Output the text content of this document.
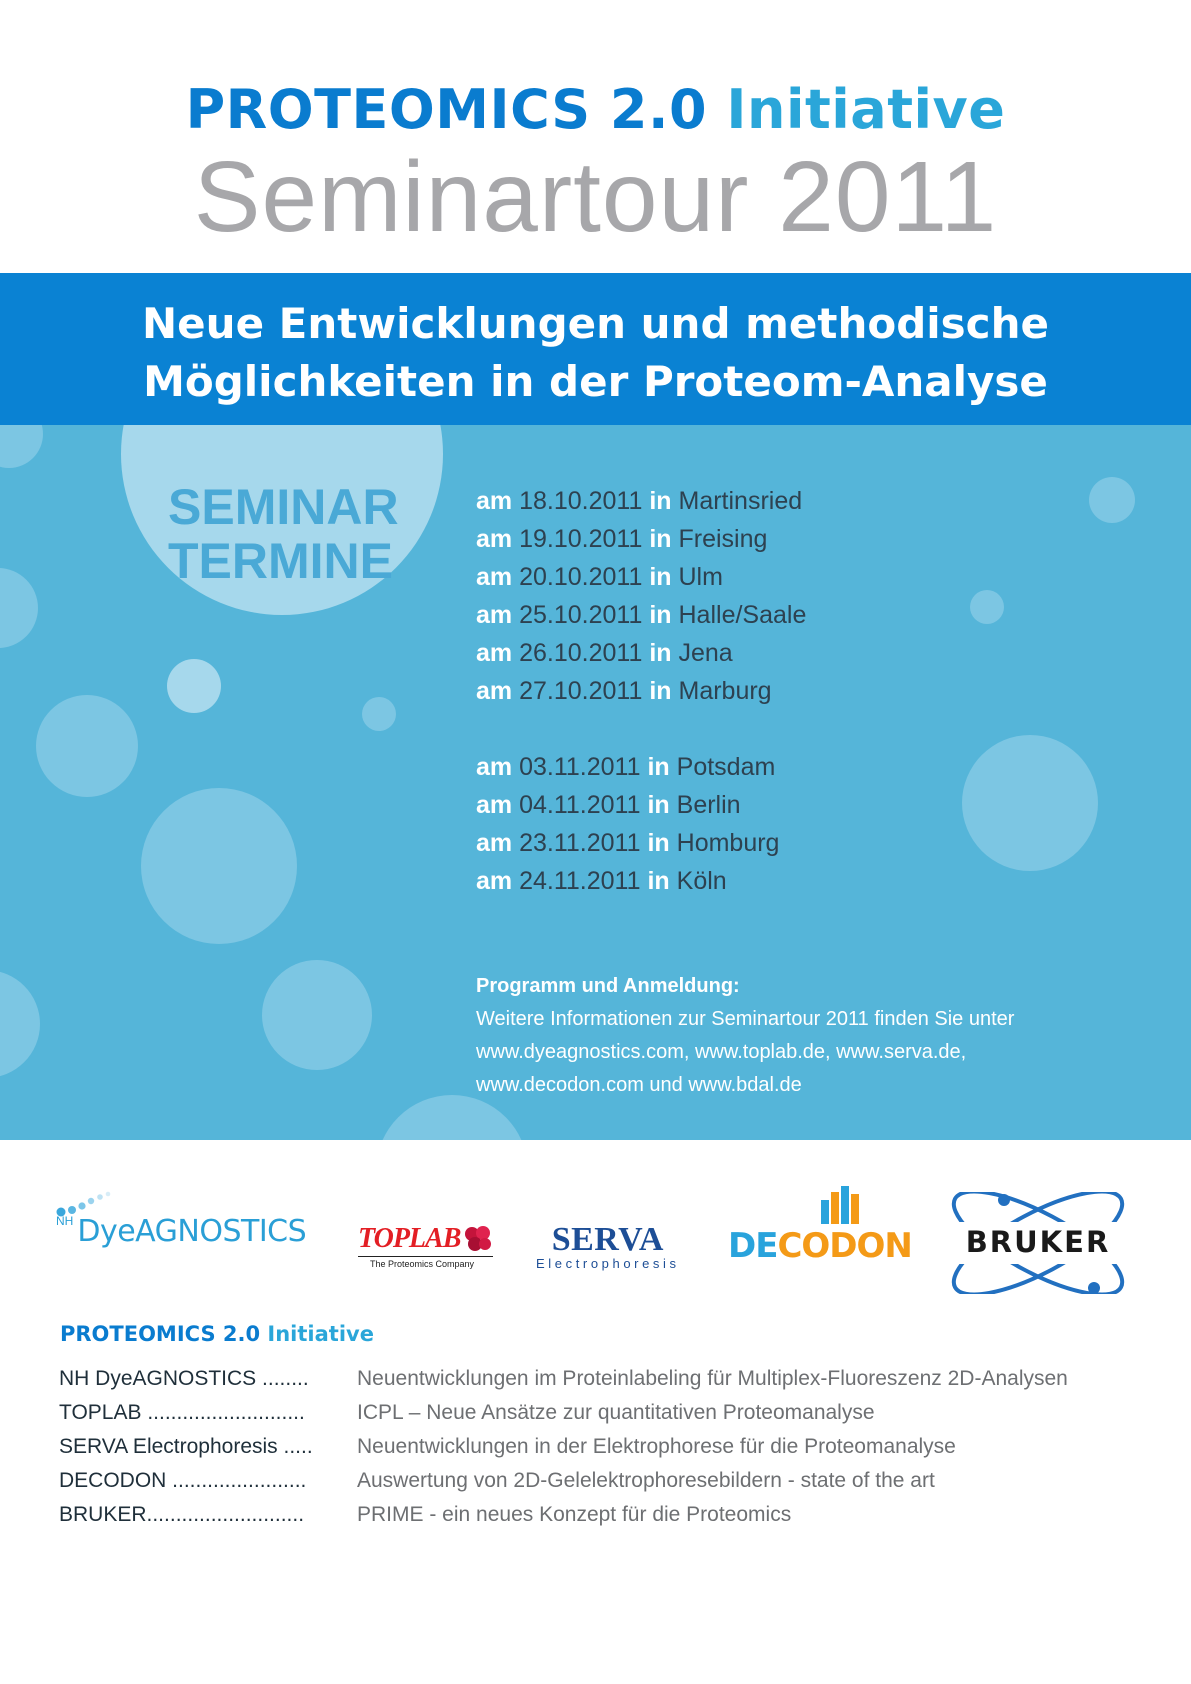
PROTEOMICS 2.0 Initiative
Seminartour 2011
Neue Entwicklungen und methodische
Möglichkeiten in der Proteom-Analyse
SEMINAR
TERMINE
am 18.10.2011 in Martinsried
am 19.10.2011 in Freising
am 20.10.2011 in Ulm
am 25.10.2011 in Halle/Saale
am 26.10.2011 in Jena
am 27.10.2011 in Marburg
am 03.11.2011 in Potsdam
am 04.11.2011 in Berlin
am 23.11.2011 in Homburg
am 24.11.2011 in Köln
Programm und Anmeldung:
Weitere Informationen zur Seminartour 2011 finden Sie unter
www.dyeagnostics.com, www.toplab.de, www.serva.de,
www.decodon.com und www.bdal.de
$^{NH}$ DyeAGNOSTICS TOPLAB
The Proteomics Company
SERVA
Electrophoresis DECODON	BRUKER
PROTEOMICS 2.0 Initiative
NH DyeAGNOSTICS ........	Neuentwicklungen im Proteinlabeling für Multiplex-Fluoreszenz 2D-Analysen
TOPLAB ...........................	ICPL – Neue Ansätze zur quantitativen Proteomanalyse
SERVA Electrophoresis .....	Neuentwicklungen in der Elektrophorese für die Proteomanalyse
DECODON .......................	Auswertung von 2D-Gelelektrophoresebildern - state of the art
BRUKER...........................	PRIME - ein neues Konzept für die Proteomics
